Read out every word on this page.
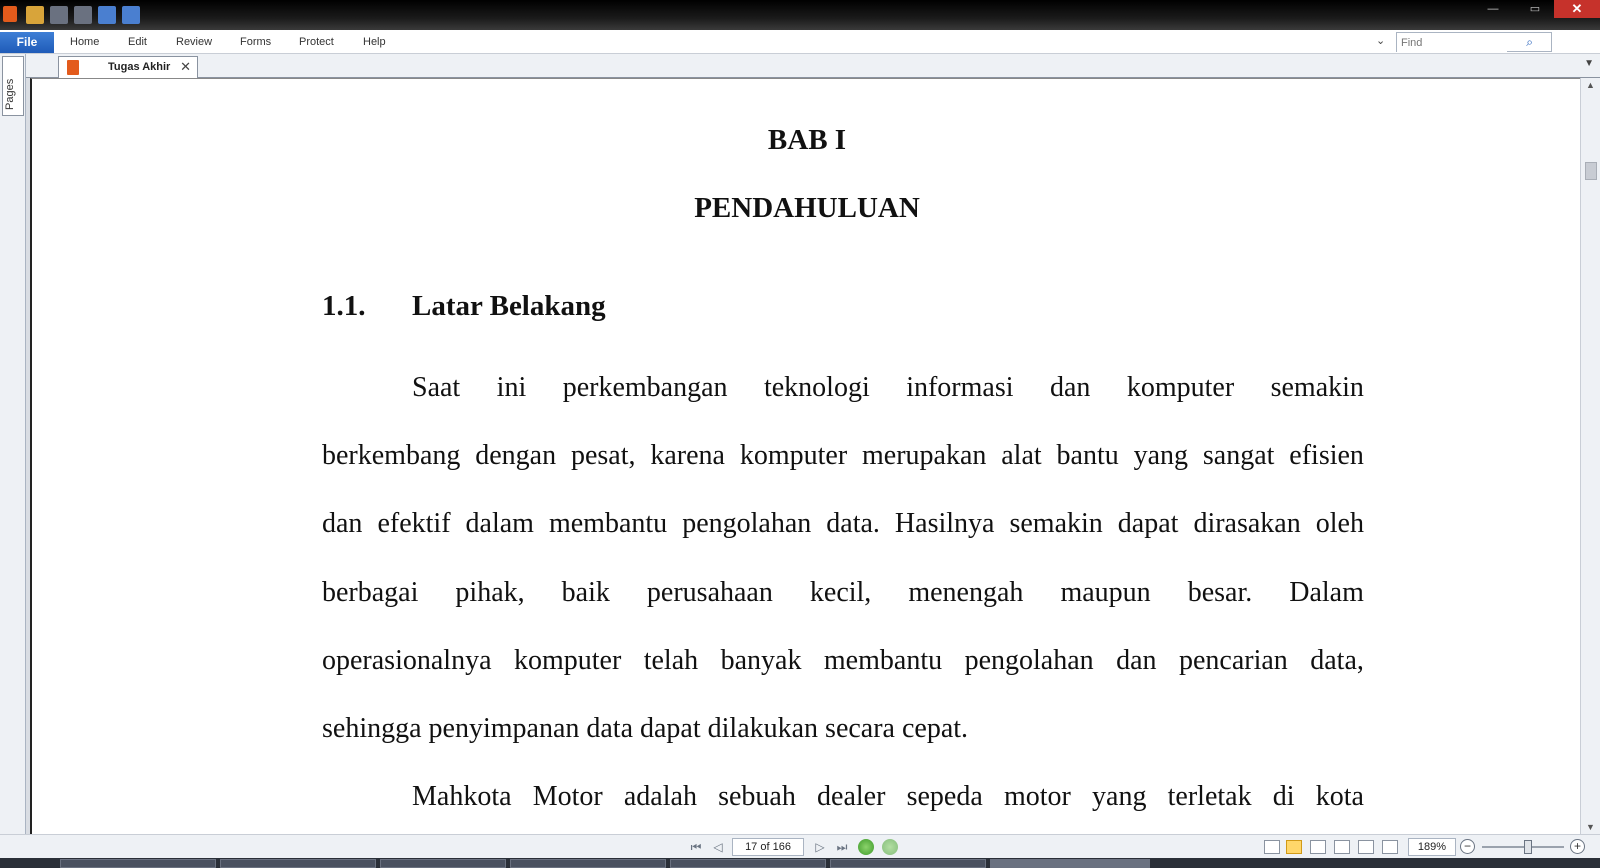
—	▭	✕
File	Home	Edit	Review	Forms	Protect	Help	⌄
Find	⌕
Pages
Tugas Akhir ✕	▼
BAB I
PENDAHULUAN
1.1. Latar Belakang
Saat ini perkembangan teknologi informasi dan komputer semakin
berkembang dengan pesat, karena komputer merupakan alat bantu yang sangat efisien
dan efektif dalam membantu pengolahan data. Hasilnya semakin dapat dirasakan oleh
berbagai pihak, baik perusahaan kecil, menengah maupun besar. Dalam
operasionalnya komputer telah banyak membantu pengolahan dan pencarian data,
sehingga penyimpanan data dapat dilakukan secara cepat.
Mahkota Motor adalah sebuah dealer sepeda motor yang terletak di kota
▲
▼
⏮ ◁	17 of 166	▷ ⏭	189%	−	+
